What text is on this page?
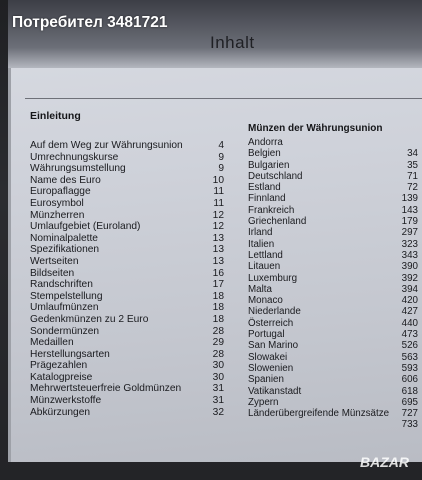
Потребител 3481721
Inhalt
Einleitung
Münzen der Währungsunion
Auf dem Weg zur Währungsunion	4
Umrechnungskurse	9
Währungsumstellung	9
Name des Euro	10
Europaflagge	11
Eurosymbol	11
Münzherren	12
Umlaufgebiet (Euroland)	12
Nominalpalette	13
Spezifikationen	13
Wertseiten	13
Bildseiten	16
Randschriften	17
Stempelstellung	18
Umlaufmünzen	18
Gedenkmünzen zu 2 Euro	18
Sondermünzen	28
Medaillen	29
Herstellungsarten	28
Prägezahlen	30
Katalogpreise	30
Mehrwertsteuerfreie Goldmünzen	31
Münzwerkstoffe	31
Abkürzungen	32
Andorra
Belgien	34
Bulgarien	35
Deutschland	71
Estland	72
Finnland	139
Frankreich	143
Griechenland	179
Irland	297
Italien	323
Lettland	343
Litauen	390
Luxemburg	392
Malta	394
Monaco	420
Niederlande	427
Österreich	440
Portugal	473
San Marino	526
Slowakei	563
Slowenien	593
Spanien	606
Vatikanstadt	618
Zypern	695
Länderübergreifende Münzsätze 727
733
BAZAR
